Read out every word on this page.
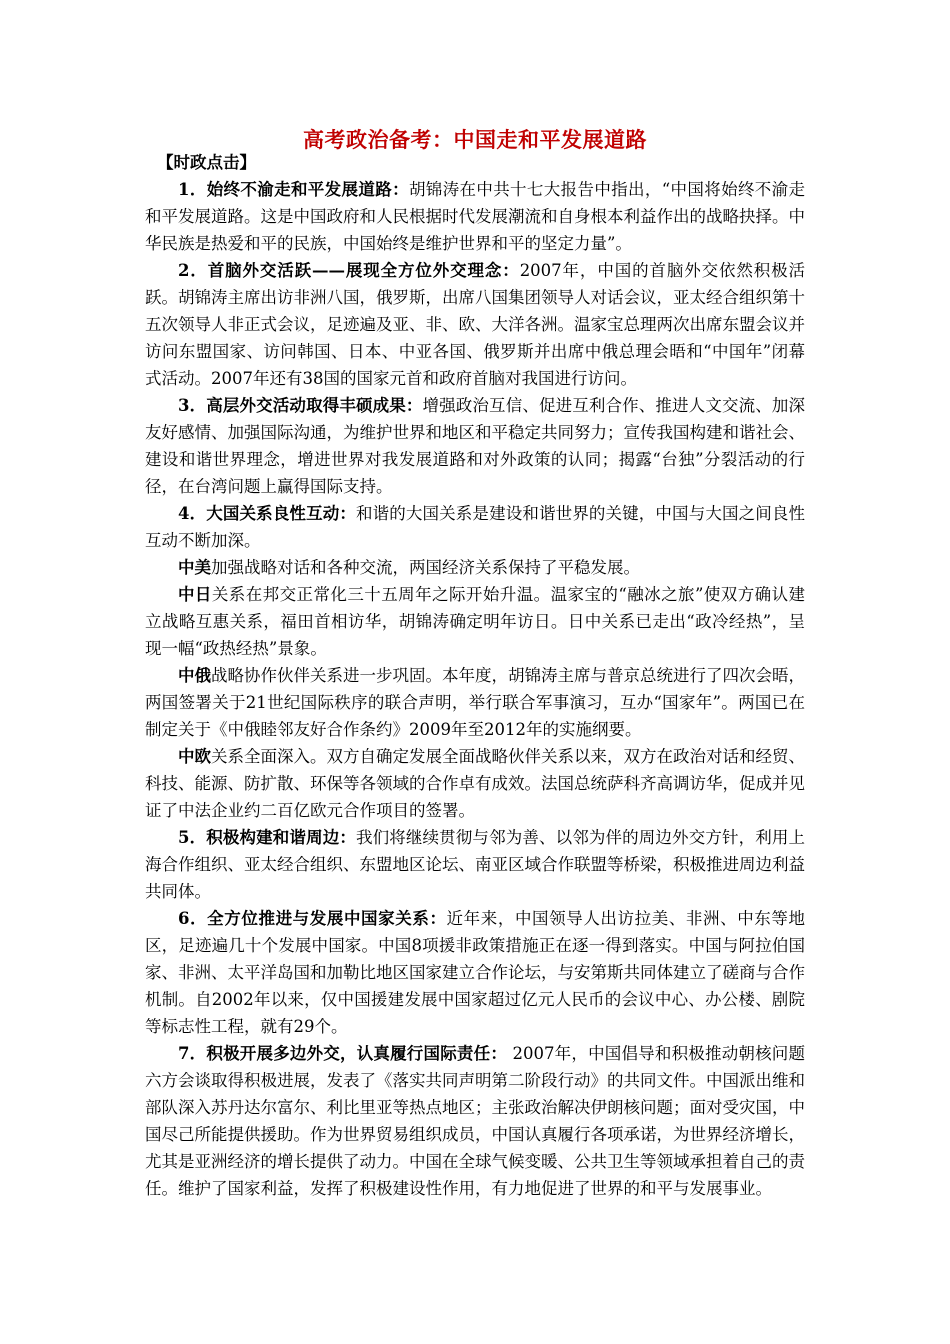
高考政治备考：中国走和平发展道路

【时政点击】

1．始终不渝走和平发展道路：胡锦涛在中共十七大报告中指出，“中国将始终不渝走和平发展道路。这是中国政府和人民根据时代发展潮流和自身根本利益作出的战略抉择。中华民族是热爱和平的民族，中国始终是维护世界和平的坚定力量”。

2．首脑外交活跃——展现全方位外交理念：2007年，中国的首脑外交依然积极活跃。胡锦涛主席出访非洲八国，俄罗斯，出席八国集团领导人对话会议，亚太经合组织第十五次领导人非正式会议，足迹遍及亚、非、欧、大洋各洲。温家宝总理两次出席东盟会议并访问东盟国家、访问韩国、日本、中亚各国、俄罗斯并出席中俄总理会晤和“中国年”闭幕式活动。2007年还有38国的国家元首和政府首脑对我国进行访问。

3．高层外交活动取得丰硕成果：增强政治互信、促进互利合作、推进人文交流、加深友好感情、加强国际沟通，为维护世界和地区和平稳定共同努力；宣传我国构建和谐社会、建设和谐世界理念，增进世界对我发展道路和对外政策的认同；揭露“台独”分裂活动的行径，在台湾问题上赢得国际支持。

4．大国关系良性互动：和谐的大国关系是建设和谐世界的关键，中国与大国之间良性互动不断加深。

中美加强战略对话和各种交流，两国经济关系保持了平稳发展。

中日关系在邦交正常化三十五周年之际开始升温。温家宝的“融冰之旅”使双方确认建立战略互惠关系，福田首相访华，胡锦涛确定明年访日。日中关系已走出“政冷经热”，呈现一幅“政热经热”景象。

中俄战略协作伙伴关系进一步巩固。本年度，胡锦涛主席与普京总统进行了四次会晤，两国签署关于21世纪国际秩序的联合声明，举行联合军事演习，互办“国家年”。两国已在制定关于《中俄睦邻友好合作条约》2009年至2012年的实施纲要。

中欧关系全面深入。双方自确定发展全面战略伙伴关系以来，双方在政治对话和经贸、科技、能源、防扩散、环保等各领域的合作卓有成效。法国总统萨科齐高调访华，促成并见证了中法企业约二百亿欧元合作项目的签署。

5．积极构建和谐周边：我们将继续贯彻与邻为善、以邻为伴的周边外交方针，利用上海合作组织、亚太经合组织、东盟地区论坛、南亚区域合作联盟等桥梁，积极推进周边利益共同体。

6．全方位推进与发展中国家关系：近年来，中国领导人出访拉美、非洲、中东等地区，足迹遍几十个发展中国家。中国8项援非政策措施正在逐一得到落实。中国与阿拉伯国家、非洲、太平洋岛国和加勒比地区国家建立合作论坛，与安第斯共同体建立了磋商与合作机制。自2002年以来，仅中国援建发展中国家超过亿元人民币的会议中心、办公楼、剧院等标志性工程，就有29个。

7．积极开展多边外交，认真履行国际责任： 2007年，中国倡导和积极推动朝核问题六方会谈取得积极进展，发表了《落实共同声明第二阶段行动》的共同文件。中国派出维和部队深入苏丹达尔富尔、利比里亚等热点地区；主张政治解决伊朗核问题；面对受灾国，中国尽己所能提供援助。作为世界贸易组织成员，中国认真履行各项承诺，为世界经济增长，尤其是亚洲经济的增长提供了动力。中国在全球气候变暖、公共卫生等领域承担着自己的责任。维护了国家利益，发挥了积极建设性作用，有力地促进了世界的和平与发展事业。
